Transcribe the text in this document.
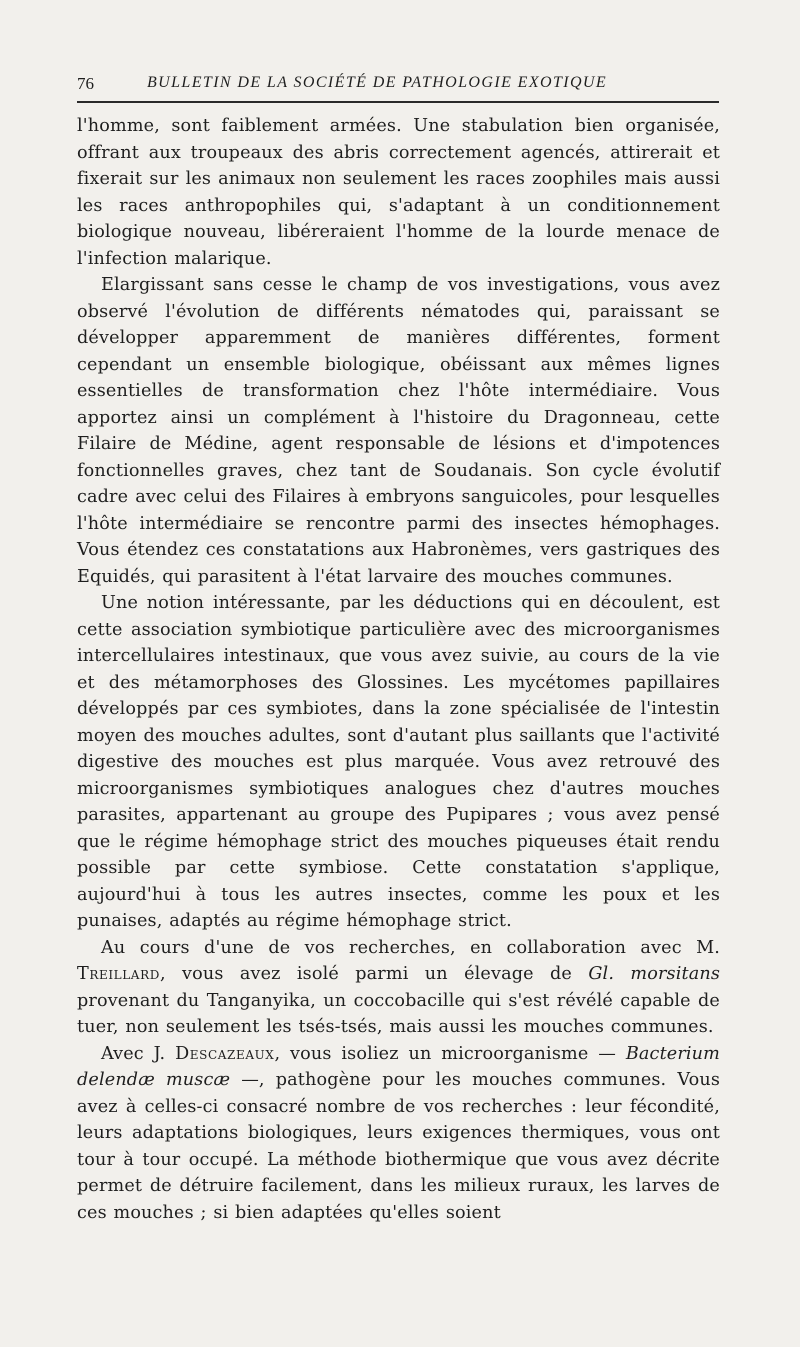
76	BULLETIN DE LA SOCIÉTÉ DE PATHOLOGIE EXOTIQUE

l'homme, sont faiblement armées. Une stabulation bien organisée, offrant aux troupeaux des abris correctement agencés, attirerait et fixerait sur les animaux non seulement les races zoophiles mais aussi les races anthropophiles qui, s'adaptant à un conditionnement biologique nouveau, libéreraient l'homme de la lourde menace de l'infection malarique.

Elargissant sans cesse le champ de vos investigations, vous avez observé l'évolution de différents nématodes qui, paraissant se développer apparemment de manières différentes, forment cependant un ensemble biologique, obéissant aux mêmes lignes essentielles de transformation chez l'hôte intermédiaire. Vous apportez ainsi un complément à l'histoire du Dragonneau, cette Filaire de Médine, agent responsable de lésions et d'impotences fonctionnelles graves, chez tant de Soudanais. Son cycle évolutif cadre avec celui des Filaires à embryons sanguicoles, pour lesquelles l'hôte intermédiaire se rencontre parmi des insectes hémophages. Vous étendez ces constatations aux Habronèmes, vers gastriques des Equidés, qui parasitent à l'état larvaire des mouches communes.

Une notion intéressante, par les déductions qui en découlent, est cette association symbiotique particulière avec des microorganismes intercellulaires intestinaux, que vous avez suivie, au cours de la vie et des métamorphoses des Glossines. Les mycétomes papillaires développés par ces symbiotes, dans la zone spécialisée de l'intestin moyen des mouches adultes, sont d'autant plus saillants que l'activité digestive des mouches est plus marquée. Vous avez retrouvé des microorganismes symbiotiques analogues chez d'autres mouches parasites, appartenant au groupe des Pupipares ; vous avez pensé que le régime hémophage strict des mouches piqueuses était rendu possible par cette symbiose. Cette constatation s'applique, aujourd'hui à tous les autres insectes, comme les poux et les punaises, adaptés au régime hémophage strict.

Au cours d'une de vos recherches, en collaboration avec M. Treillard, vous avez isolé parmi un élevage de Gl. morsitans provenant du Tanganyika, un coccobacille qui s'est révélé capable de tuer, non seulement les tsés-tsés, mais aussi les mouches communes.

Avec J. Descazeaux, vous isoliez un microorganisme — Bacterium delendæ muscæ —, pathogène pour les mouches communes. Vous avez à celles-ci consacré nombre de vos recherches : leur fécondité, leurs adaptations biologiques, leurs exigences thermiques, vous ont tour à tour occupé. La méthode biothermique que vous avez décrite permet de détruire facilement, dans les milieux ruraux, les larves de ces mouches ; si bien adaptées qu'elles soient
